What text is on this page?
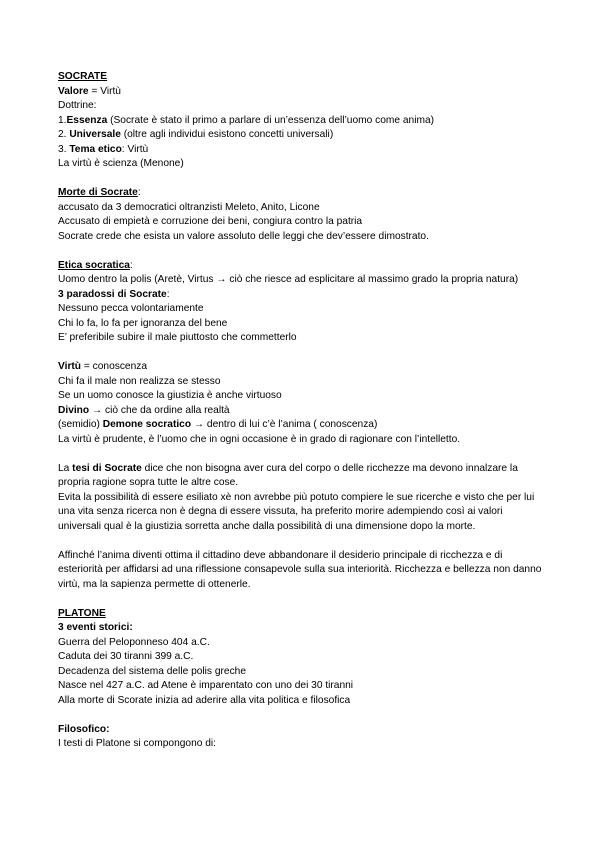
SOCRATE
Valore = Virtù
Dottrine:
1.Essenza (Socrate è stato il primo a parlare di un’essenza dell’uomo come anima)
2. Universale (oltre agli individui esistono concetti universali)
3. Tema etico: Virtù
La virtù è scienza (Menone)
Morte di Socrate:
accusato da 3 democratici oltranzisti Meleto, Anito, Licone
Accusato di empietà e corruzione dei beni, congiura contro la patria
Socrate crede che esista un valore assoluto delle leggi che dev’essere dimostrato.
Etica socratica:
Uomo dentro la polis (Aretè, Virtus → ciò che riesce ad esplicitare al massimo grado la propria natura)
3 paradossi di Socrate:
Nessuno pecca volontariamente
Chi lo fa, lo fa per ignoranza del bene
E’ preferibile subire il male piuttosto che commetterlo
Virtù = conoscenza
Chi fa il male non realizza se stesso
Se un uomo conosce la giustizia è anche virtuoso
Divino → ciò che da ordine alla realtà
(semidio) Demone socratico → dentro di lui c’è l’anima ( conoscenza)
La virtù è prudente, è l’uomo che in ogni occasione è in grado di ragionare con l’intelletto.
La tesi di Socrate dice che non bisogna aver cura del corpo o delle ricchezze ma devono innalzare la propria ragione sopra tutte le altre cose.
Evita la possibilità di essere esiliato xè non avrebbe più potuto compiere le sue ricerche e visto che per lui una vita senza ricerca non è degna di essere vissuta, ha preferito morire adempiendo così ai valori universali qual è la giustizia sorretta anche dalla possibilità di una dimensione dopo la morte.
Affinché l’anima diventi ottima il cittadino deve abbandonare il desiderio principale di ricchezza e di esteriorità per affidarsi ad una riflessione consapevole sulla sua interiorità. Ricchezza e bellezza non danno virtù, ma la sapienza permette di ottenerle.
PLATONE
3 eventi storici:
Guerra del Peloponneso 404 a.C.
Caduta dei 30 tiranni 399 a.C.
Decadenza del sistema delle polis greche
Nasce nel 427 a.C. ad Atene è imparentato con uno dei 30 tiranni
Alla morte di Scorate inizia ad aderire alla vita politica e filosofica
Filosofico:
I testi di Platone si compongono di:
